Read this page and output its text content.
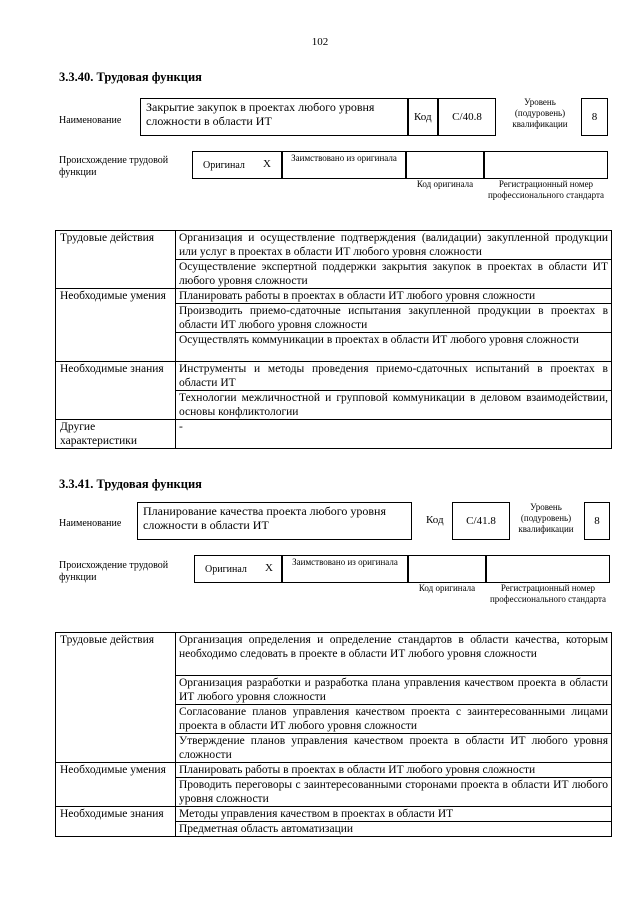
102
3.3.40. Трудовая функция
Наименование
Закрытие закупок в проектах любого уровня сложности в области ИТ	Код	C/40.8
Уровень (подуровень) квалификации
8
Происхождение трудовой функции
Оригинал X	Заимствовано из оригинала
Код оригинала	Регистрационный номер профессионального стандарта
Трудовые действия	Организация и осуществление подтверждения (валидации) закупленной продукции или услуг в проектах в области ИТ любого уровня сложности
	Осуществление экспертной поддержки закрытия закупок в проектах в области ИТ любого уровня сложности
Необходимые умения	Планировать работы в проектах в области ИТ любого уровня сложности
	Производить приемо-сдаточные испытания закупленной продукции в проектах в области ИТ любого уровня сложности
	Осуществлять коммуникации в проектах в области ИТ любого уровня сложности
Необходимые знания	Инструменты и методы проведения приемо-сдаточных испытаний в проектах в области ИТ
	Технологии межличностной и групповой коммуникации в деловом взаимодействии, основы конфликтологии
Другие характеристики	-
3.3.41. Трудовая функция
Наименование
Планирование качества проекта любого уровня сложности в области ИТ	Код	C/41.8
Уровень (подуровень) квалификации
8
Происхождение трудовой функции
Оригинал X	Заимствовано из оригинала
Код оригинала	Регистрационный номер профессионального стандарта
Трудовые действия	Организация определения и определение стандартов в области качества, которым необходимо следовать в проекте в области ИТ любого уровня сложности
	Организация разработки и разработка плана управления качеством проекта в области ИТ любого уровня сложности
	Согласование планов управления качеством проекта с заинтересованными лицами проекта в области ИТ любого уровня сложности
	Утверждение планов управления качеством проекта в области ИТ любого уровня сложности
Необходимые умения	Планировать работы в проектах в области ИТ любого уровня сложности
	Проводить переговоры с заинтересованными сторонами проекта в области ИТ любого уровня сложности
Необходимые знания	Методы управления качеством в проектах в области ИТ
	Предметная область автоматизации
